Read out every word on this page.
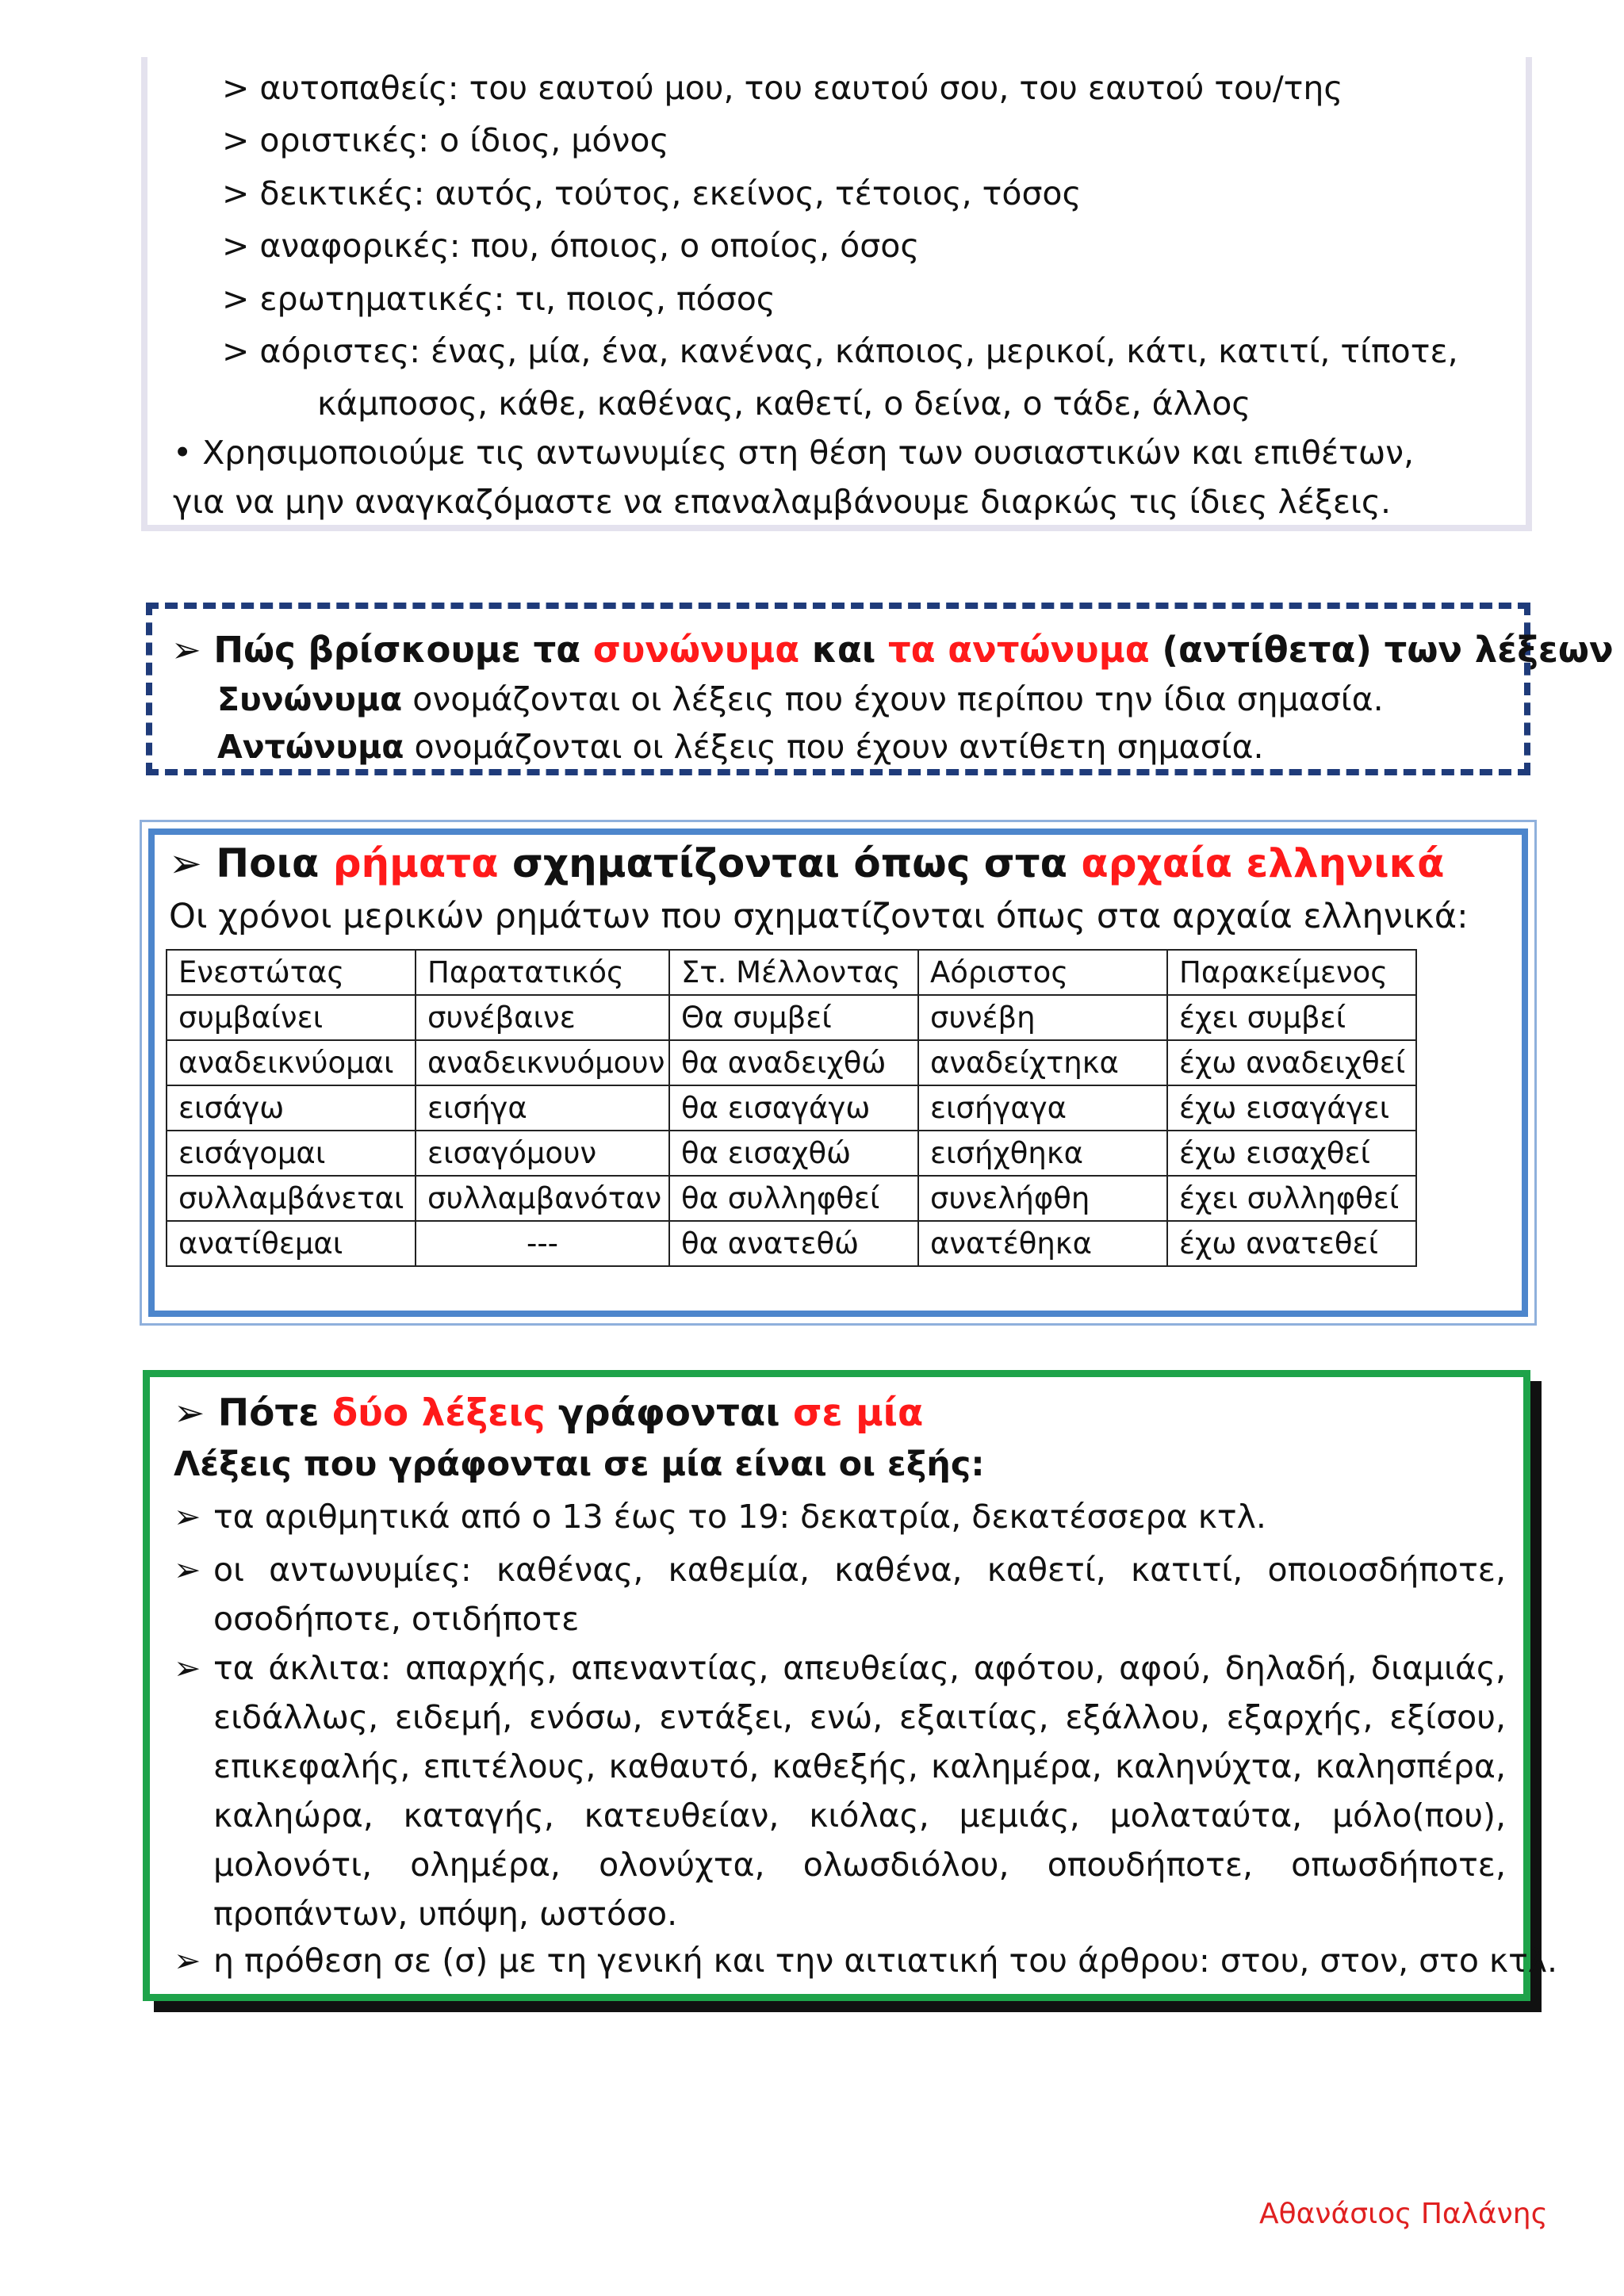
> αυτοπαθείς: του εαυτού μου, του εαυτού σου, του εαυτού του/της
> οριστικές: ο ίδιος, μόνος
> δεικτικές: αυτός, τούτος, εκείνος, τέτοιος, τόσος
> αναφορικές: που, όποιος, ο οποίος, όσος
> ερωτηματικές: τι, ποιος, πόσος
> αόριστες: ένας, μία, ένα, κανένας, κάποιος, μερικοί, κάτι, κατιτί, τίποτε,
κάμποσος, κάθε, καθένας, καθετί, ο δείνα, ο τάδε, άλλος
• Χρησιμοποιούμε τις αντωνυμίες στη θέση των ουσιαστικών και επιθέτων,
για να μην αναγκαζόμαστε να επαναλαμβάνουμε διαρκώς τις ίδιες λέξεις.
➢ Πώς βρίσκουμε τα συνώνυμα και τα αντώνυμα (αντίθετα) των λέξεων
Συνώνυμα ονομάζονται οι λέξεις που έχουν περίπου την ίδια σημασία.
Αντώνυμα ονομάζονται οι λέξεις που έχουν αντίθετη σημασία.
➢ Ποια ρήματα σχηματίζονται όπως στα αρχαία ελληνικά
Οι χρόνοι μερικών ρημάτων που σχηματίζονται όπως στα αρχαία ελληνικά:
Ενεστώτας	Παρατατικός	Στ. Μέλλοντας	Αόριστος	Παρακείμενος
συμβαίνει	συνέβαινε	Θα συμβεί	συνέβη	έχει συμβεί
αναδεικνύομαι	αναδεικνυόμουν	θα αναδειχθώ	αναδείχτηκα	έχω αναδειχθεί
εισάγω	εισήγα	θα εισαγάγω	εισήγαγα	έχω εισαγάγει
εισάγομαι	εισαγόμουν	θα εισαχθώ	εισήχθηκα	έχω εισαχθεί
συλλαμβάνεται	συλλαμβανόταν	θα συλληφθεί	συνελήφθη	έχει συλληφθεί
ανατίθεμαι	---	θα ανατεθώ	ανατέθηκα	έχω ανατεθεί
➢ Πότε δύο λέξεις γράφονται σε μία
Λέξεις που γράφονται σε μία είναι οι εξής:
➢ τα αριθμητικά από ο 13 έως το 19: δεκατρία, δεκατέσσερα κτλ.
➢ οι αντωνυμίες: καθένας, καθεμία, καθένα, καθετί, κατιτί, οποιοσδήποτε, οσοδήποτε, οτιδήποτε
➢ τα άκλιτα: απαρχής, απεναντίας, απευθείας, αφότου, αφού, δηλαδή, διαμιάς, ειδάλλως, ειδεμή, ενόσω, εντάξει, ενώ, εξαιτίας, εξάλλου, εξαρχής, εξίσου, επικεφαλής, επιτέλους, καθαυτό, καθεξής, καλημέρα, καληνύχτα, καλησπέρα, καληώρα, καταγής, κατευθείαν, κιόλας, μεμιάς, μολαταύτα, μόλο(που), μολονότι, ολημέρα, ολονύχτα, ολωσδιόλου, οπουδήποτε, οπωσδήποτε, προπάντων, υπόψη, ωστόσο.
➢ η πρόθεση σε (σ) με τη γενική και την αιτιατική του άρθρου: στου, στον, στο κτλ.
Αθανάσιος Παλάνης
